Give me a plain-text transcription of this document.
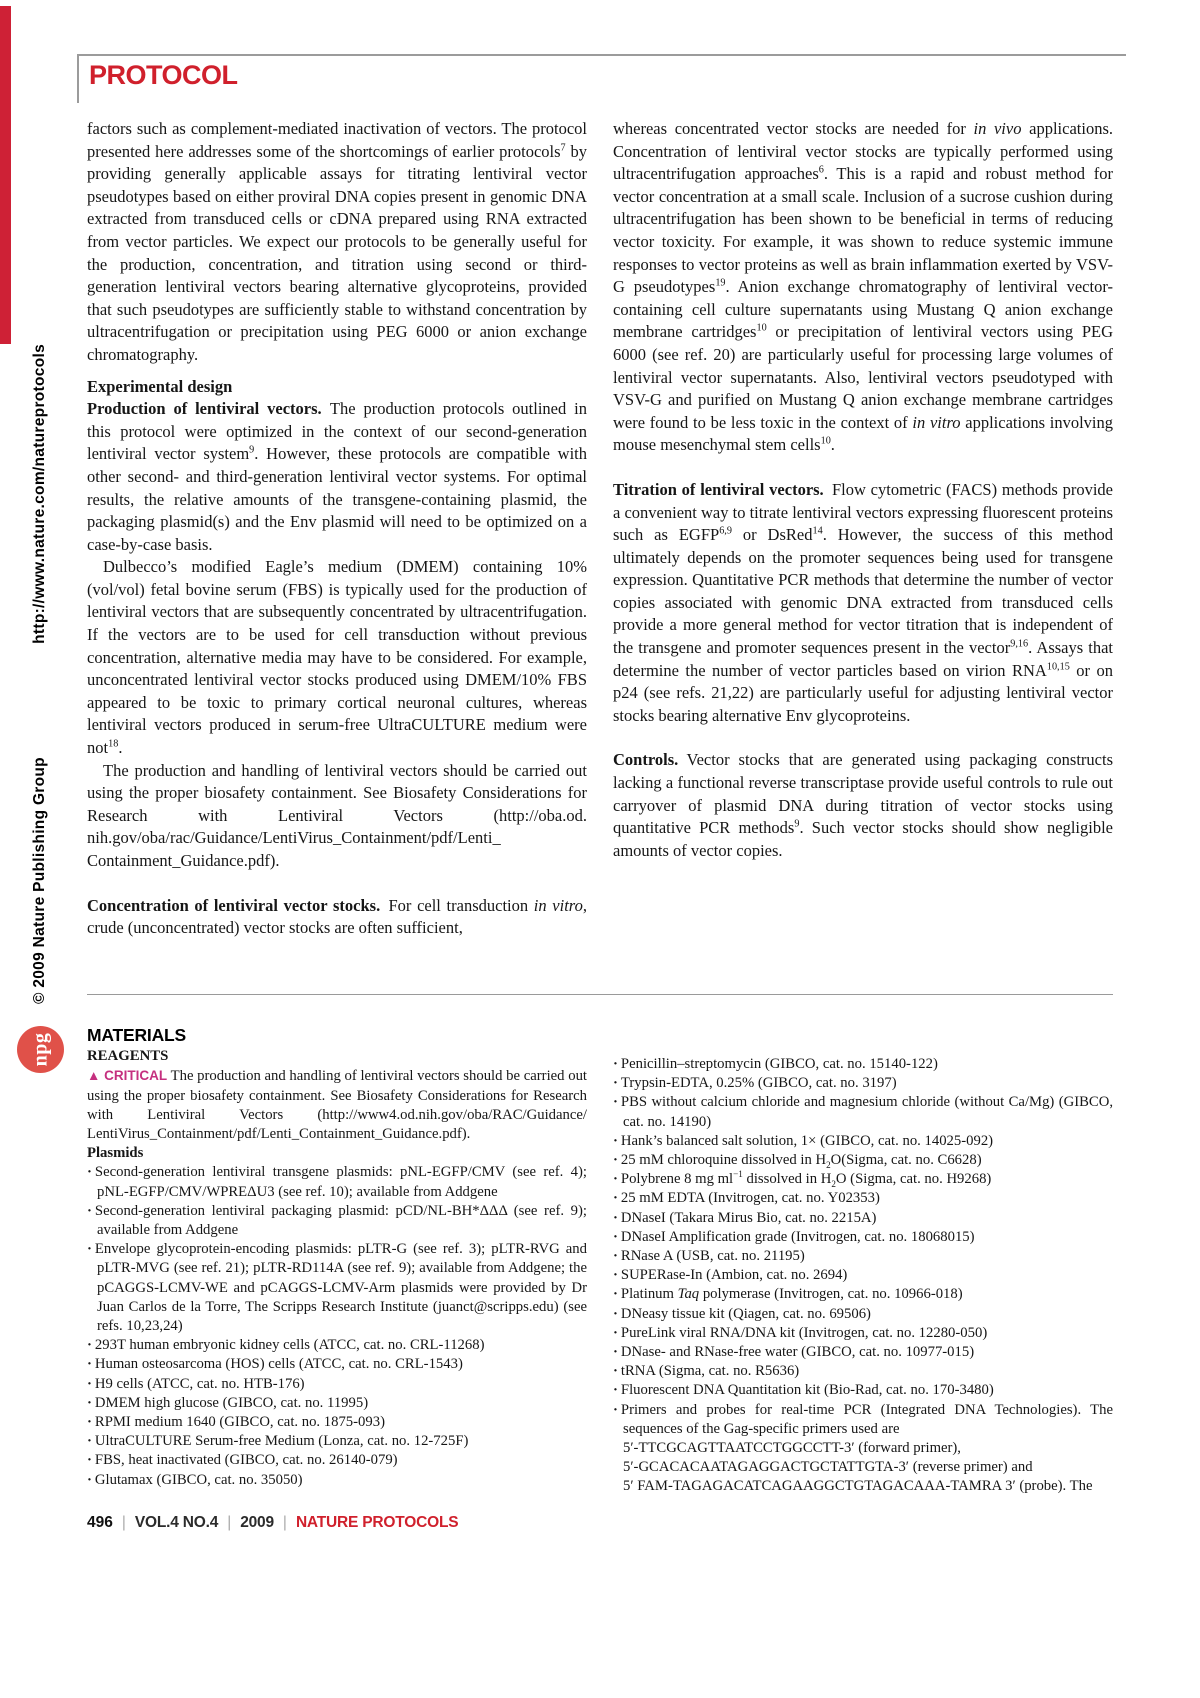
© 2009 Nature Publishing Group
http://www.nature.com/natureprotocols
npg
PROTOCOL

factors such as complement-mediated inactivation of vectors. The protocol presented here addresses some of the shortcomings of earlier protocols$^7$ by providing generally applicable assays for titrating lentiviral vector pseudotypes based on either proviral DNA copies present in genomic DNA extracted from transduced cells or cDNA prepared using RNA extracted from vector particles. We expect our protocols to be generally useful for the production, concentration, and titration using second or third-generation lentiviral vectors bearing alternative glycoproteins, provided that such pseudotypes are sufficiently stable to withstand concentration by ultracentrifugation or precipitation using PEG 6000 or anion exchange chromatography.

Experimental design

Production of lentiviral vectors. The production protocols outlined in this protocol were optimized in the context of our second-generation lentiviral vector system$^9$. However, these protocols are compatible with other second- and third-generation lentiviral vector systems. For optimal results, the relative amounts of the transgene-containing plasmid, the packaging plasmid(s) and the Env plasmid will need to be optimized on a case-by-case basis.

Dulbecco’s modified Eagle’s medium (DMEM) containing 10% (vol/vol) fetal bovine serum (FBS) is typically used for the production of lentiviral vectors that are subsequently concentrated by ultracentrifugation. If the vectors are to be used for cell transduction without previous concentration, alternative media may have to be considered. For example, unconcentrated lentiviral vector stocks produced using DMEM/10% FBS appeared to be toxic to primary cortical neuronal cultures, whereas lentiviral vectors produced in serum-free UltraCULTURE medium were not$^{18}$.

The production and handling of lentiviral vectors should be carried out using the proper biosafety containment. See Biosafety Considerations for Research with Lentiviral Vectors (http://oba.od. nih.gov/oba/rac/Guidance/LentiVirus_Containment/pdf/Lenti_ Containment_Guidance.pdf).

Concentration of lentiviral vector stocks. For cell transduction in vitro, crude (unconcentrated) vector stocks are often sufficient,

whereas concentrated vector stocks are needed for in vivo applications. Concentration of lentiviral vector stocks are typically performed using ultracentrifugation approaches$^6$. This is a rapid and robust method for vector concentration at a small scale. Inclusion of a sucrose cushion during ultracentrifugation has been shown to be beneficial in terms of reducing vector toxicity. For example, it was shown to reduce systemic immune responses to vector proteins as well as brain inflammation exerted by VSV-G pseudotypes$^{19}$. Anion exchange chromatography of lentiviral vector-containing cell culture supernatants using Mustang Q anion exchange membrane cartridges$^{10}$ or precipitation of lentiviral vectors using PEG 6000 (see ref. 20) are particularly useful for processing large volumes of lentiviral vector supernatants. Also, lentiviral vectors pseudotyped with VSV-G and purified on Mustang Q anion exchange membrane cartridges were found to be less toxic in the context of in vitro applications involving mouse mesenchymal stem cells$^{10}$.

Titration of lentiviral vectors. Flow cytometric (FACS) methods provide a convenient way to titrate lentiviral vectors expressing fluorescent proteins such as EGFP$^{6,9}$ or DsRed$^{14}$. However, the success of this method ultimately depends on the promoter sequences being used for transgene expression. Quantitative PCR methods that determine the number of vector copies associated with genomic DNA extracted from transduced cells provide a more general method for vector titration that is independent of the transgene and promoter sequences present in the vector$^{9,16}$. Assays that determine the number of vector particles based on virion RNA$^{10,15}$ or on p24 (see refs. 21,22) are particularly useful for adjusting lentiviral vector stocks bearing alternative Env glycoproteins.

Controls. Vector stocks that are generated using packaging constructs lacking a functional reverse transcriptase provide useful controls to rule out carryover of plasmid DNA during titration of vector stocks using quantitative PCR methods$^9$. Such vector stocks should show negligible amounts of vector copies.

MATERIALS
REAGENTS
▲ CRITICAL The production and handling of lentiviral vectors should be carried out using the proper biosafety containment. See Biosafety Considerations for Research with Lentiviral Vectors (http://www4.od.nih.gov/oba/RAC/Guidance/ LentiVirus_Containment/pdf/Lenti_Containment_Guidance.pdf).
Plasmids
· Second-generation lentiviral transgene plasmids: pNL-EGFP/CMV (see ref. 4); pNL-EGFP/CMV/WPREΔU3 (see ref. 10); available from Addgene
· Second-generation lentiviral packaging plasmid: pCD/NL-BH*ΔΔΔ (see ref. 9); available from Addgene
· Envelope glycoprotein-encoding plasmids: pLTR-G (see ref. 3); pLTR-RVG and pLTR-MVG (see ref. 21); pLTR-RD114A (see ref. 9); available from Addgene; the pCAGGS-LCMV-WE and pCAGGS-LCMV-Arm plasmids were provided by Dr Juan Carlos de la Torre, The Scripps Research Institute (juanct@scripps.edu) (see refs. 10,23,24)
· 293T human embryonic kidney cells (ATCC, cat. no. CRL-11268)
· Human osteosarcoma (HOS) cells (ATCC, cat. no. CRL-1543)
· H9 cells (ATCC, cat. no. HTB-176)
· DMEM high glucose (GIBCO, cat. no. 11995)
· RPMI medium 1640 (GIBCO, cat. no. 1875-093)
· UltraCULTURE Serum-free Medium (Lonza, cat. no. 12-725F)
· FBS, heat inactivated (GIBCO, cat. no. 26140-079)
· Glutamax (GIBCO, cat. no. 35050)
· Penicillin–streptomycin (GIBCO, cat. no. 15140-122)
· Trypsin-EDTA, 0.25% (GIBCO, cat. no. 3197)
· PBS without calcium chloride and magnesium chloride (without Ca/Mg) (GIBCO, cat. no. 14190)
· Hank’s balanced salt solution, 1× (GIBCO, cat. no. 14025-092)
· 25 mM chloroquine dissolved in $H_2O(Sigma$, cat. no. C6628)
· Polybrene 8 mg $ml^{-1}$ dissolved in $H_2O$ (Sigma, cat. no. H9268)
· 25 mM EDTA (Invitrogen, cat. no. Y02353)
· DNaseI (Takara Mirus Bio, cat. no. 2215A)
· DNaseI Amplification grade (Invitrogen, cat. no. 18068015)
· RNase A (USB, cat. no. 21195)
· SUPERase-In (Ambion, cat. no. 2694)
· Platinum Taq polymerase (Invitrogen, cat. no. 10966-018)
· DNeasy tissue kit (Qiagen, cat. no. 69506)
· PureLink viral RNA/DNA kit (Invitrogen, cat. no. 12280-050)
· DNase- and RNase-free water (GIBCO, cat. no. 10977-015)
· tRNA (Sigma, cat. no. R5636)
· Fluorescent DNA Quantitation kit (Bio-Rad, cat. no. 170-3480)
· Primers and probes for real-time PCR (Integrated DNA Technologies). The sequences of the Gag-specific primers used are
5′-TTCGCAGTTAATCCTGGCCTT-3′ (forward primer),
5′-GCACACAATAGAGGACTGCTATTGTA-3′ (reverse primer) and
5′ FAM-TAGAGACATCAGAAGGCTGTAGACAAA-TAMRA 3′ (probe). The
496 | VOL.4 NO.4 | 2009 | NATURE PROTOCOLS
